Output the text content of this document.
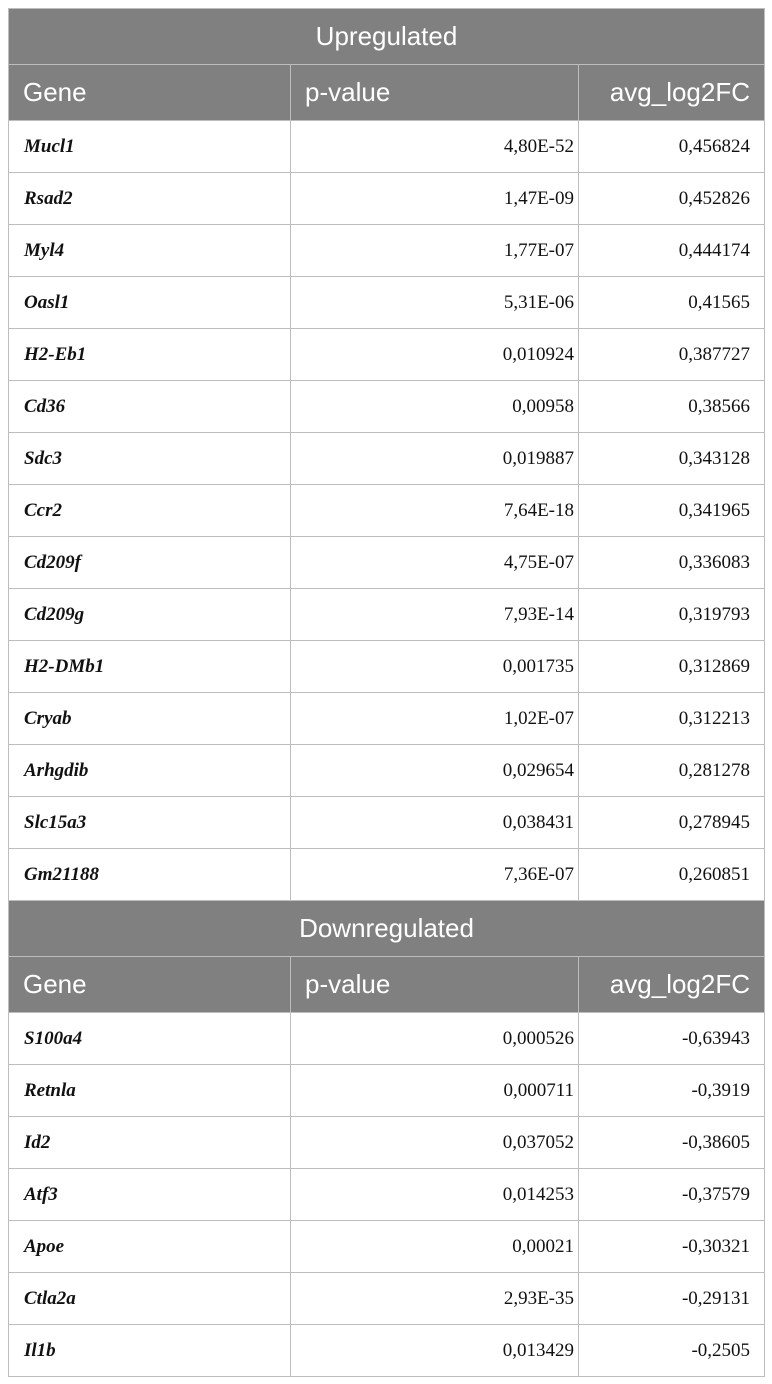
Upregulated		
Gene	p-value	avg_log2FC
Mucl1	4,80E-52	0,456824
Rsad2	1,47E-09	0,452826
Myl4	1,77E-07	0,444174
Oasl1	5,31E-06	0,41565
H2-Eb1	0,010924	0,387727
Cd36	0,00958	0,38566
Sdc3	0,019887	0,343128
Ccr2	7,64E-18	0,341965
Cd209f	4,75E-07	0,336083
Cd209g	7,93E-14	0,319793
H2-DMb1	0,001735	0,312869
Cryab	1,02E-07	0,312213
Arhgdib	0,029654	0,281278
Slc15a3	0,038431	0,278945
Gm21188	7,36E-07	0,260851
Downregulated		
Gene	p-value	avg_log2FC
S100a4	0,000526	-0,63943
Retnla	0,000711	-0,3919
Id2	0,037052	-0,38605
Atf3	0,014253	-0,37579
Apoe	0,00021	-0,30321
Ctla2a	2,93E-35	-0,29131
Il1b	0,013429	-0,2505
